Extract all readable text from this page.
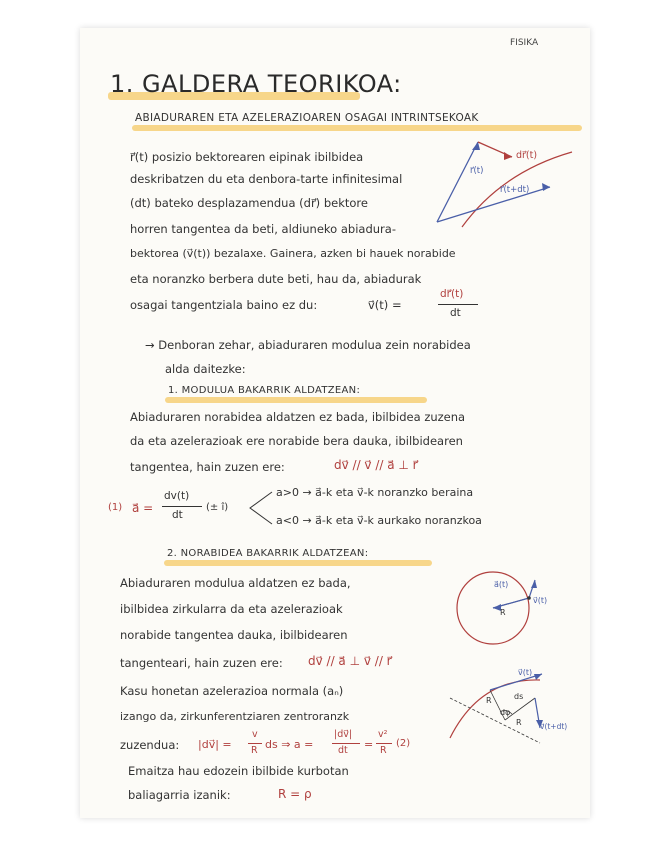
FISIKA
1. GALDERA TEORIKOA:
ABIADURAREN ETA AZELERAZIOAREN OSAGAI INTRINTSEKOAK
r⃗(t) posizio bektorearen eipinak ibilbidea
deskribatzen du eta denbora-tarte infinitesimal
(dt) bateko desplazamendua (dr⃗) bektore
horren tangentea da beti, aldiuneko abiadura-
bektorea (v⃗(t)) bezalaxe. Gainera, azken bi hauek norabide
eta noranzko berbera dute beti, hau da, abiadurak
osagai tangentziala baino ez du:	v⃗(t) =
dr⃗(t)
dt
r⃗(t)
dr⃗(t)
r⃗(t+dt)
→ Denboran zehar, abiaduraren modulua zein norabidea
alda daitezke:
1. MODULUA BAKARRIK ALDATZEAN:
Abiaduraren norabidea aldatzen ez bada, ibilbidea zuzena
da eta azelerazioak ere norabide bera dauka, ibilbidearen
tangentea, hain zuzen ere:	dv⃗ // v⃗ // a⃗ ⊥ r⃗
(1) a⃗ =
dv(t)
dt
(± î)
a>0 → a⃗-k eta v⃗-k noranzko beraina
a<0 → a⃗-k eta v⃗-k aurkako noranzkoa
2. NORABIDEA BAKARRIK ALDATZEAN:
Abiaduraren modulua aldatzen ez bada,
ibilbidea zirkularra da eta azelerazioak
norabide tangentea dauka, ibilbidearen
tangenteari, hain zuzen ere: dv⃗ // a⃗ ⊥ v⃗ // r⃗
Kasu honetan azelerazioa normala (aₙ)
izango da, zirkunferentziaren zentroranzk
zuzendua: |dv⃗| =
v
R ds ⇒ a =
|dv⃗|
dt =
v²
R
(2)
Emaitza hau edozein ibilbide kurbotan
baliagarria izanik:	R = ρ
a⃗(t)
R
v⃗(t)
v⃗(t)
R	ds
dφ
R v⃗(t+dt)
